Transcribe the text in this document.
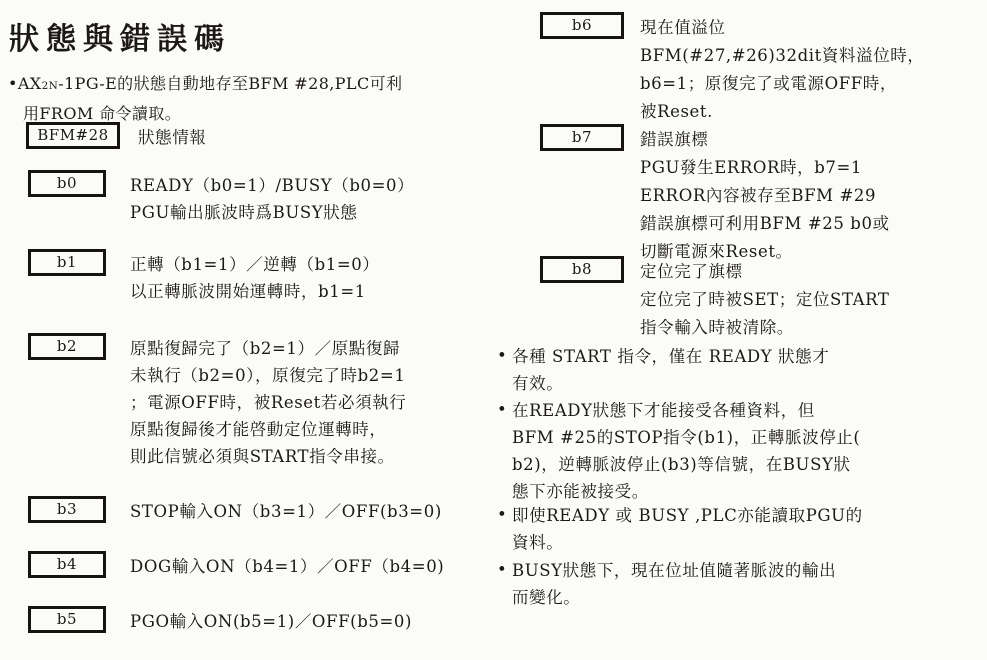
狀態與錯誤碼
•AX2N-1PG-E的狀態自動地存至BFM #28,PLC可利
用FROM 命令讀取。
BFM#28	狀態情報
b0	READY（b0=1）/BUSY（b0=0）
PGU輸出脈波時爲BUSY狀態
b1	正轉（b1=1）／逆轉（b1=0）
以正轉脈波開始運轉時，b1=1
b2	原點復歸完了（b2=1）／原點復歸
未執行（b2=0），原復完了時b2=1
；電源OFF時，被Reset若必須執行
原點復歸後才能啓動定位運轉時，
則此信號必須與START指令串接。
b3	STOP輸入ON（b3=1）／OFF(b3=0)
b4	DOG輸入ON（b4=1）／OFF（b4=0)
b5	PGO輸入ON(b5=1)／OFF(b5=0)
b6	現在值溢位
BFM(#27,#26)32dit資料溢位時，
b6=1；原復完了或電源OFF時，
被Reset.
b7	錯誤旗標
PGU發生ERROR時，b7=1
ERROR內容被存至BFM #29
錯誤旗標可利用BFM #25 b0或
切斷電源來Reset。
b8	定位完了旗標
定位完了時被SET；定位START
指令輸入時被清除。
• 各種 START 指令，僅在 READY 狀態才
有效。
• 在READY狀態下才能接受各種資料，但
BFM #25的STOP指令(b1)，正轉脈波停止(
b2)，逆轉脈波停止(b3)等信號，在BUSY狀
態下亦能被接受。
• 即使READY 或 BUSY ,PLC亦能讀取PGU的
資料。
• BUSY狀態下，現在位址值隨著脈波的輸出
而變化。
